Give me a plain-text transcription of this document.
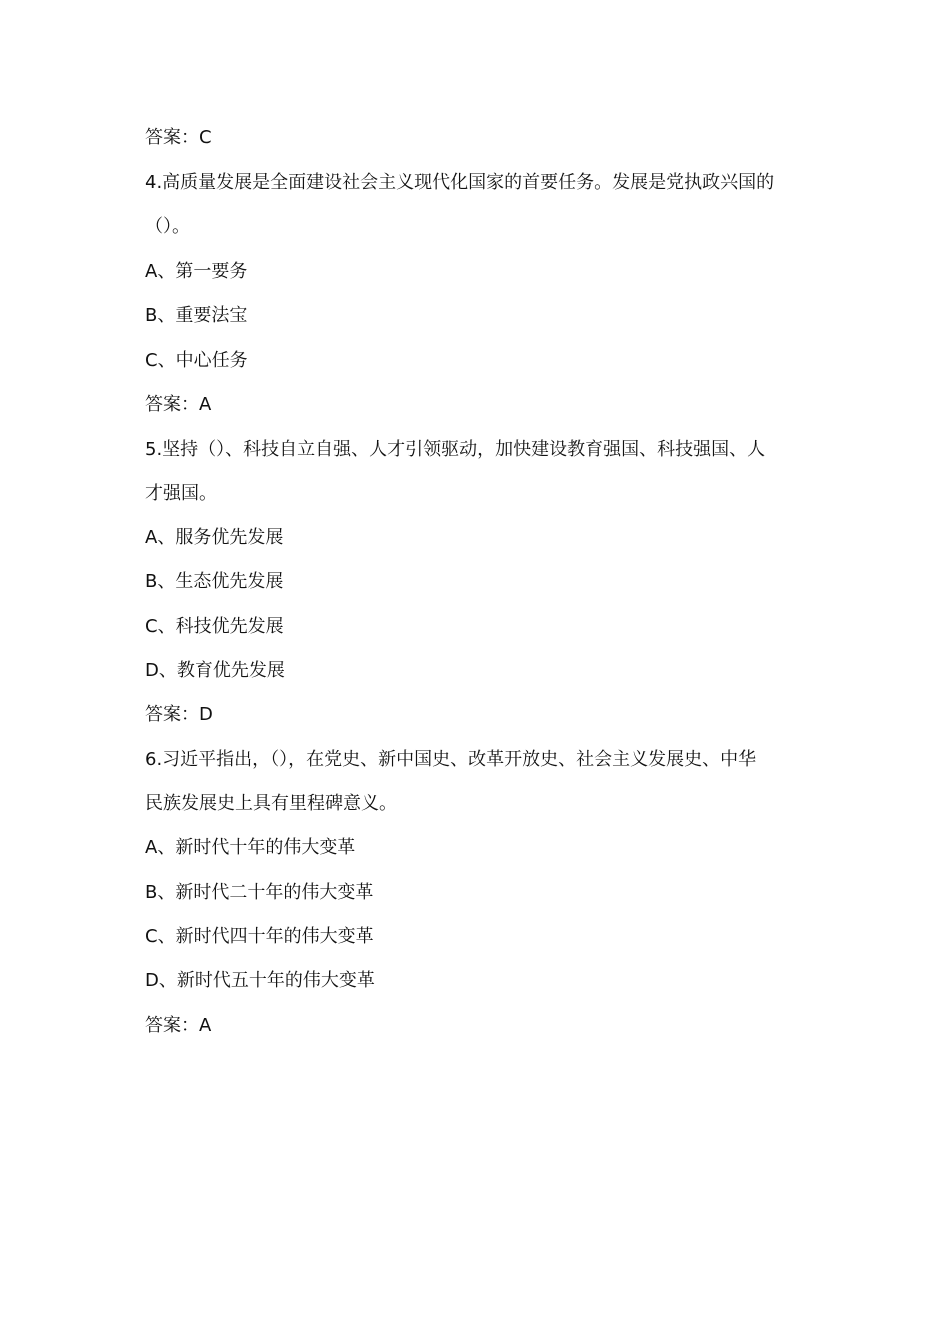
答案：C
4.高质量发展是全面建设社会主义现代化国家的首要任务。发展是党执政兴国的
（）。
A、第一要务
B、重要法宝
C、中心任务
答案：A
5.坚持（）、科技自立自强、人才引领驱动，加快建设教育强国、科技强国、人
才强国。
A、服务优先发展
B、生态优先发展
C、科技优先发展
D、教育优先发展
答案：D
6.习近平指出，（），在党史、新中国史、改革开放史、社会主义发展史、中华
民族发展史上具有里程碑意义。
A、新时代十年的伟大变革
B、新时代二十年的伟大变革
C、新时代四十年的伟大变革
D、新时代五十年的伟大变革
答案：A
